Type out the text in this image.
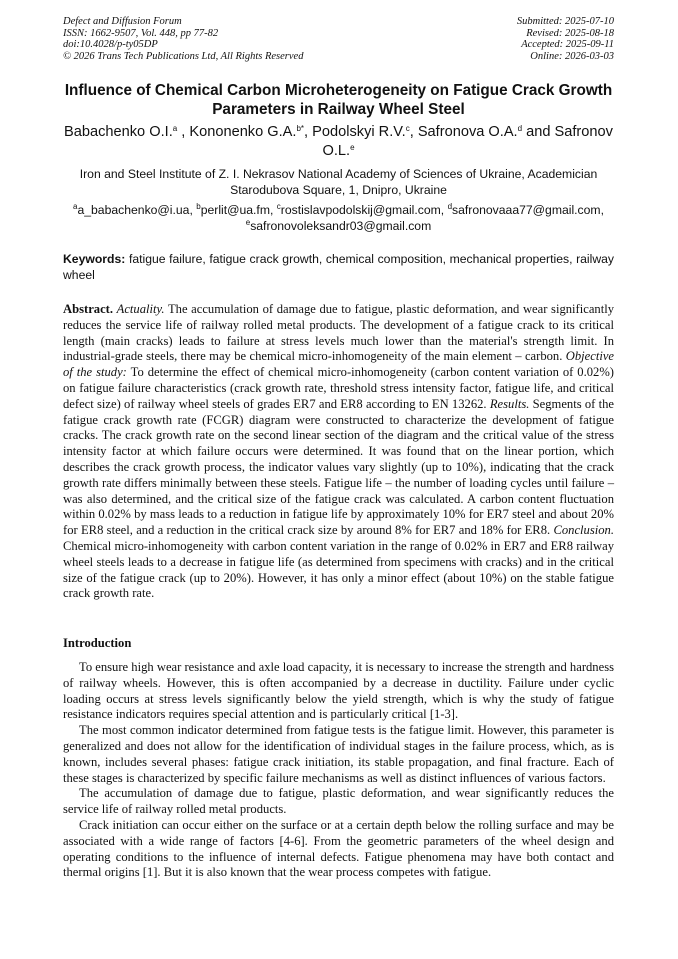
Defect and Diffusion Forum
ISSN: 1662-9507, Vol. 448, pp 77-82
doi:10.4028/p-ty05DP
© 2026 Trans Tech Publications Ltd, All Rights Reserved
Submitted: 2025-07-10
Revised: 2025-08-18
Accepted: 2025-09-11
Online: 2026-03-03
Influence of Chemical Carbon Microheterogeneity on Fatigue Crack Growth Parameters in Railway Wheel Steel
Babachenko O.I.$^a$ , Kononenko G.A.$^{b*}$, Podolskyi R.V.$^c$, Safronova O.A.$^d$ and Safronov O.L.$^e$
Iron and Steel Institute of Z. I. Nekrasov National Academy of Sciences of Ukraine, Academician Starodubova Square, 1, Dnipro, Ukraine
$^a$a_babachenko@i.ua, $^b$perlit@ua.fm, $^c$rostislavpodolskij@gmail.com, $^d$safronovaaa77@gmail.com, $^e$safronovoleksandr03@gmail.com
Keywords: fatigue failure, fatigue crack growth, chemical composition, mechanical properties, railway wheel
Abstract. Actuality. The accumulation of damage due to fatigue, plastic deformation, and wear significantly reduces the service life of railway rolled metal products. The development of a fatigue crack to its critical length (main cracks) leads to failure at stress levels much lower than the material's strength limit. In industrial-grade steels, there may be chemical micro-inhomogeneity of the main element – carbon. Objective of the study: To determine the effect of chemical micro-inhomogeneity (carbon content variation of 0.02%) on fatigue failure characteristics (crack growth rate, threshold stress intensity factor, fatigue life, and critical defect size) of railway wheel steels of grades ER7 and ER8 according to EN 13262. Results. Segments of the fatigue crack growth rate (FCGR) diagram were constructed to characterize the development of fatigue cracks. The crack growth rate on the second linear section of the diagram and the critical value of the stress intensity factor at which failure occurs were determined. It was found that on the linear portion, which describes the crack growth process, the indicator values vary slightly (up to 10%), indicating that the crack growth rate differs minimally between these steels. Fatigue life – the number of loading cycles until failure – was also determined, and the critical size of the fatigue crack was calculated. A carbon content fluctuation within 0.02% by mass leads to a reduction in fatigue life by approximately 10% for ER7 steel and about 20% for ER8 steel, and a reduction in the critical crack size by around 8% for ER7 and 18% for ER8. Conclusion. Chemical micro-inhomogeneity with carbon content variation in the range of 0.02% in ER7 and ER8 railway wheel steels leads to a decrease in fatigue life (as determined from specimens with cracks) and in the critical size of the fatigue crack (up to 20%). However, it has only a minor effect (about 10%) on the stable fatigue crack growth rate.
Introduction

To ensure high wear resistance and axle load capacity, it is necessary to increase the strength and hardness of railway wheels. However, this is often accompanied by a decrease in ductility. Failure under cyclic loading occurs at stress levels significantly below the yield strength, which is why the study of fatigue resistance indicators requires special attention and is particularly critical [1-3].

The most common indicator determined from fatigue tests is the fatigue limit. However, this parameter is generalized and does not allow for the identification of individual stages in the failure process, which, as is known, includes several phases: fatigue crack initiation, its stable propagation, and final fracture. Each of these stages is characterized by specific failure mechanisms as well as distinct influences of various factors.

The accumulation of damage due to fatigue, plastic deformation, and wear significantly reduces the service life of railway rolled metal products.

Crack initiation can occur either on the surface or at a certain depth below the rolling surface and may be associated with a wide range of factors [4-6]. From the geometric parameters of the wheel design and operating conditions to the influence of internal defects. Fatigue phenomena may have both contact and thermal origins [1]. But it is also known that the wear process competes with fatigue.
